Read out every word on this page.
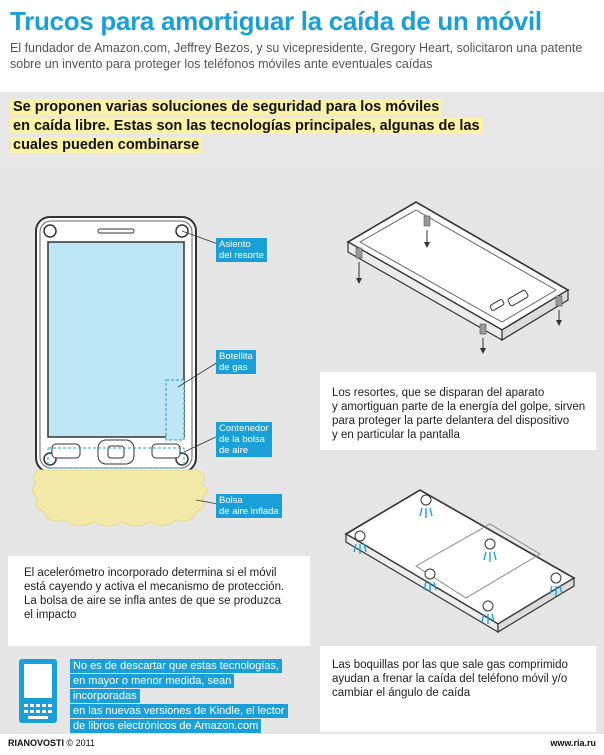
Trucos para amortiguar la caída de un móvil
El fundador de Amazon.com, Jeffrey Bezos, y su vicepresidente, Gregory Heart, solicitaron una patente sobre un invento para proteger los teléfonos móviles ante eventuales caídas
Se proponen varias soluciones de seguridad para los móviles
en caída libre. Estas son las tecnologías principales, algunas de las
cuales pueden combinarse
Asiento
del resorte
Botellita
de gas
Contenedor
de la bolsa
de aire
Bolsa
de aire inflada
El acelerómetro incorporado determina si el móvil
está cayendo y activa el mecanismo de protección.
La bolsa de aire se infla antes de que se produzca
el impacto
Los resortes, que se disparan del aparato
y amortiguan parte de la energía del golpe, sirven
para proteger la parte delantera del dispositivo
y en particular la pantalla
Las boquillas por las que sale gas comprimido
ayudan a frenar la caída del teléfono móvil y/o
cambiar el ángulo de caída
No es de descartar que estas tecnologías,
en mayor o menor medida, sean incorporadas
en las nuevas versiones de Kindle, el lector
de libros electrónicos de Amazon.com
RIANOVOSTI © 2011	www.ria.ru
